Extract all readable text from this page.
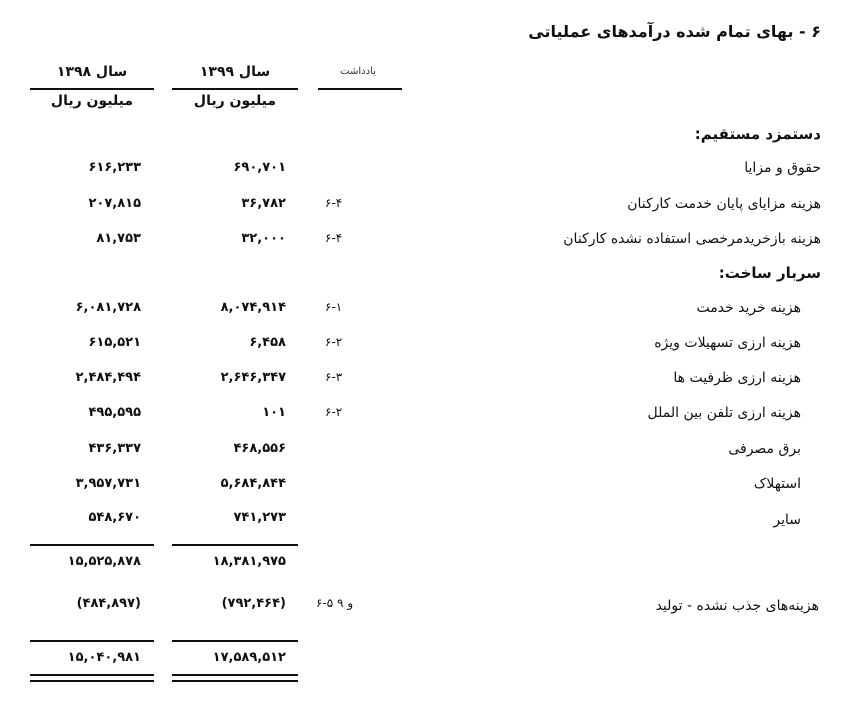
۶ - بهای تمام شده درآمدهای عملیاتی
یادداشت
سال ۱۳۹۹
سال ۱۳۹۸
میلیون ریال
میلیون ریال
دستمزد مستقیم:
حقوق و مزایا
۶۹۰,۷۰۱
۶۱۶,۲۳۳
هزینه مزایای پایان خدمت کارکنان
۶-۴
۳۶,۷۸۲
۲۰۷,۸۱۵
هزینه بازخریدمرخصی استفاده نشده کارکنان
۶-۴
۳۲,۰۰۰
۸۱,۷۵۳
سربار ساخت:
هزینه خرید خدمت
۶-۱
۸,۰۷۴,۹۱۴
۶,۰۸۱,۷۲۸
هزینه ارزی تسهیلات ویژه
۶-۲
۶,۴۵۸
۶۱۵,۵۲۱
هزینه ارزی ظرفیت ها
۶-۳
۲,۶۴۶,۳۴۷
۲,۴۸۴,۴۹۴
هزینه ارزی تلفن بین الملل
۶-۲
۱۰۱
۴۹۵,۵۹۵
برق مصرفی
۴۶۸,۵۵۶
۴۳۶,۳۳۷
استهلاک
۵,۶۸۴,۸۴۴
۳,۹۵۷,۷۳۱
سایر
۷۴۱,۲۷۳
۵۴۸,۶۷۰
۱۸,۳۸۱,۹۷۵
۱۵,۵۲۵,۸۷۸
هزینه‌های جذب نشده - تولید
۶-۵ و ۹
(۷۹۲,۴۶۴)
(۴۸۴,۸۹۷)
۱۷,۵۸۹,۵۱۲
۱۵,۰۴۰,۹۸۱
